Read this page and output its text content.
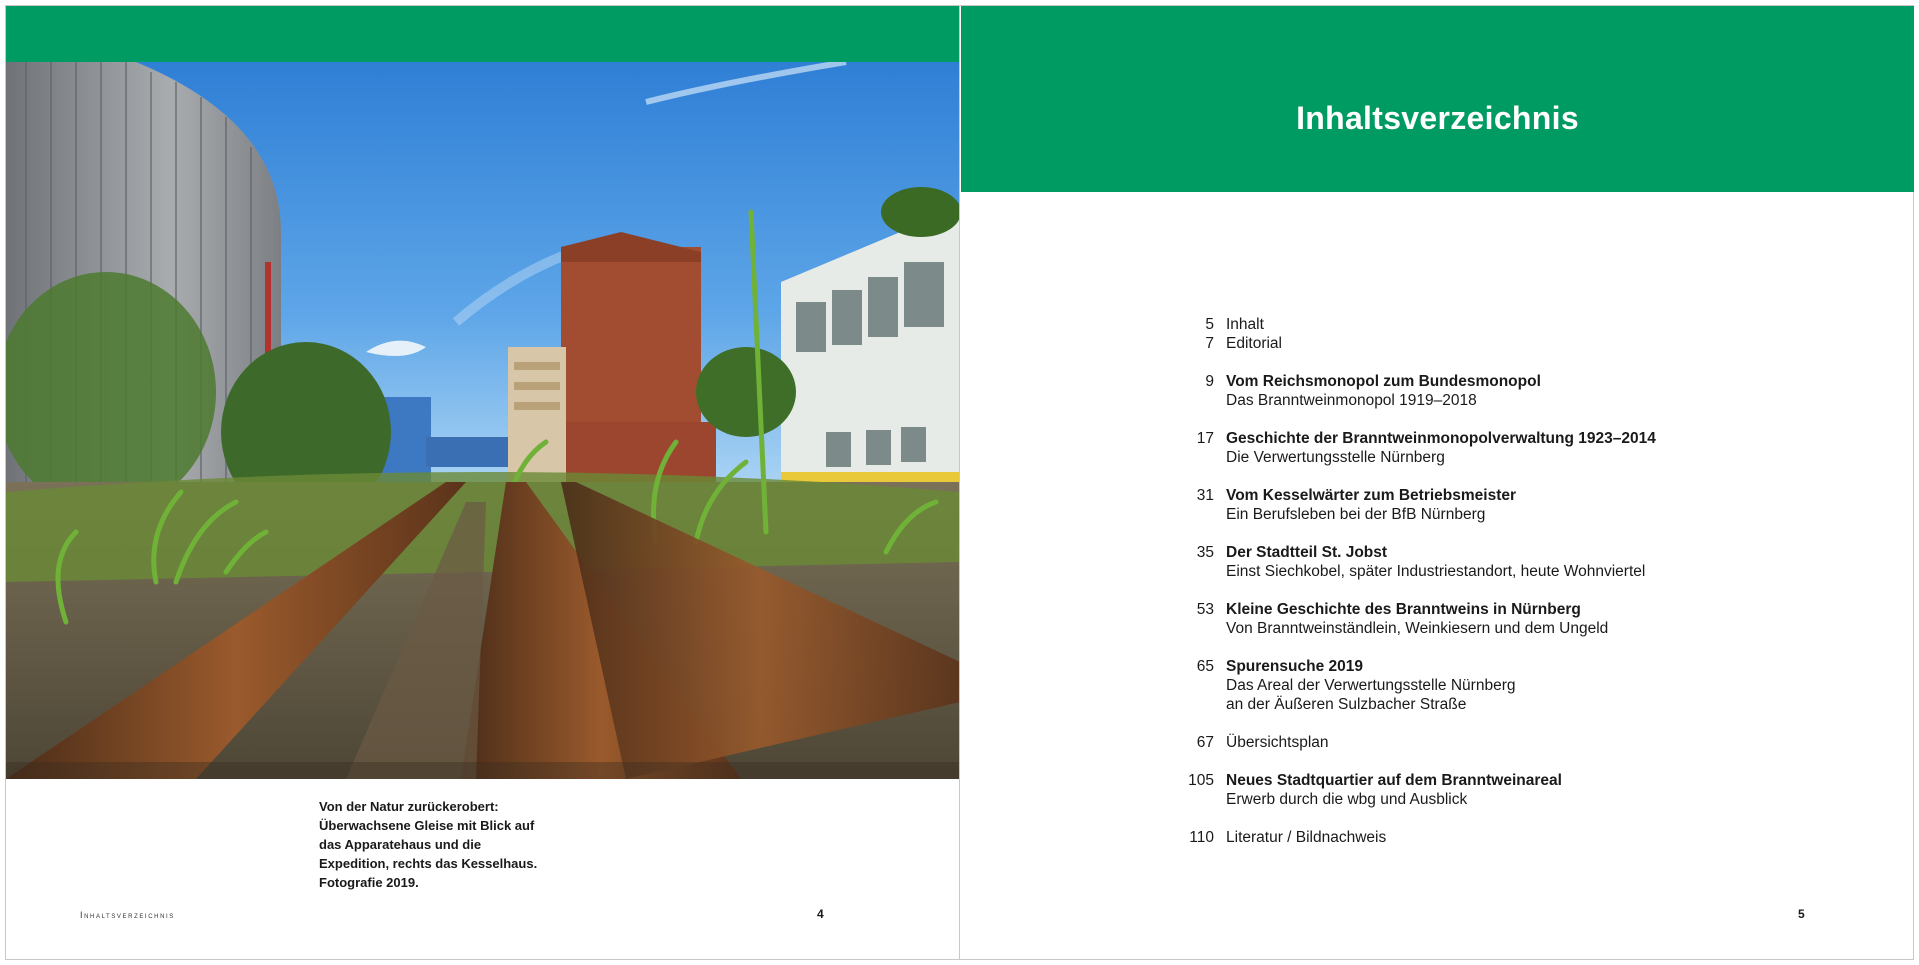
Von der Natur zurückerobert:
Überwachsene Gleise mit Blick auf
das Apparatehaus und die
Expedition, rechts das Kesselhaus.
Fotografie 2019.
Inhaltsverzeichnis	4
Inhaltsverzeichnis
5 Inhalt
7 Editorial
9 Vom Reichsmonopol zum Bundesmonopol
Das Branntweinmonopol 1919–2018
17 Geschichte der Branntweinmonopolverwaltung 1923–2014
Die Verwertungsstelle Nürnberg
31 Vom Kesselwärter zum Betriebsmeister
Ein Berufsleben bei der BfB Nürnberg
35 Der Stadtteil St. Jobst
Einst Siechkobel, später Industriestandort, heute Wohnviertel
53 Kleine Geschichte des Branntweins in Nürnberg
Von Branntweinständlein, Weinkiesern und dem Ungeld
65 Spurensuche 2019
Das Areal der Verwertungsstelle Nürnberg
an der Äußeren Sulzbacher Straße
67 Übersichtsplan
105 Neues Stadtquartier auf dem Branntweinareal
Erwerb durch die wbg und Ausblick
110 Literatur / Bildnachweis
5
